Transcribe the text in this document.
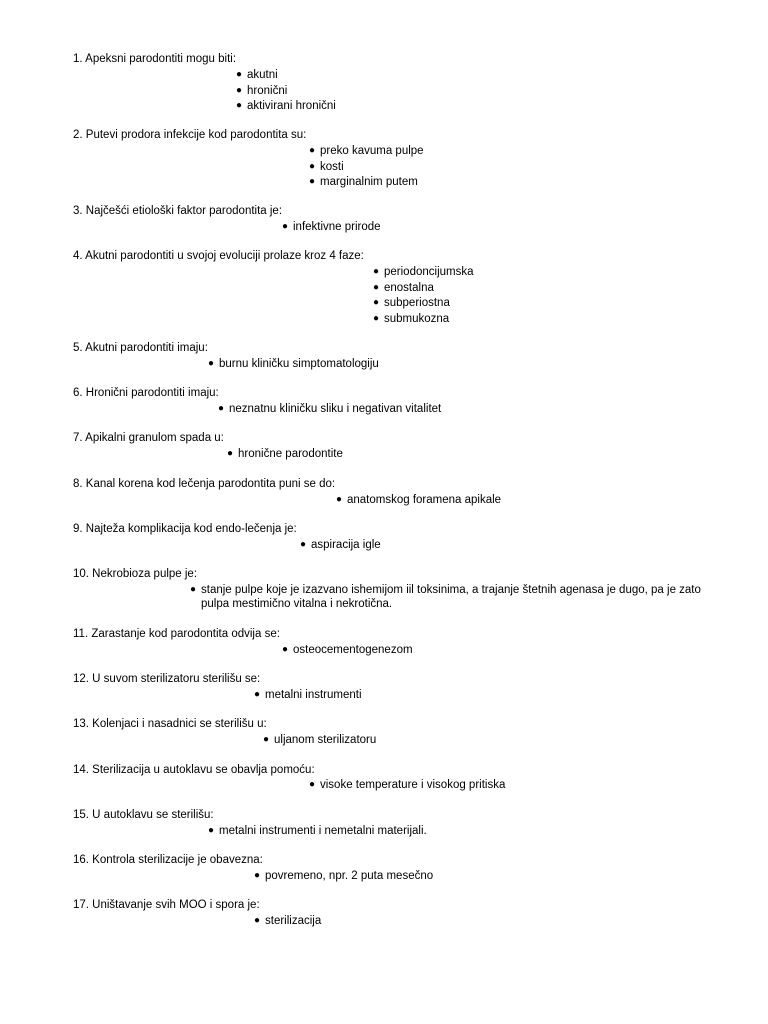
1. Apeksni parodontiti mogu biti:
● akutni
● hronični
● aktivirani hronični
2. Putevi prodora infekcije kod parodontita su:
● preko kavuma pulpe
● kosti
● marginalnim putem
3. Najčešći etiološki faktor parodontita je:
● infektivne prirode
4. Akutni parodontiti u svojoj evoluciji prolaze kroz 4 faze:
● periodoncijumska
● enostalna
● subperiostna
● submukozna
5. Akutni parodontiti imaju:
● burnu kliničku simptomatologiju
6. Hronični parodontiti imaju:
● neznatnu kliničku sliku i negativan vitalitet
7. Apikalni granulom spada u:
● hronične parodontite
8. Kanal korena kod lečenja parodontita puni se do:
● anatomskog foramena apikale
9. Najteža komplikacija kod endo-lečenja je:
● aspiracija igle
10. Nekrobioza pulpe je:
● stanje pulpe koje je izazvano ishemijom iil toksinima, a trajanje štetnih agenasa je dugo, pa je zato pulpa mestimično vitalna i nekrotična.
11. Zarastanje kod parodontita odvija se:
● osteocementogenezom
12. U suvom sterilizatoru sterilišu se:
● metalni instrumenti
13. Kolenjaci i nasadnici se sterilišu u:
● uljanom sterilizatoru
14. Sterilizacija u autoklavu se obavlja pomoću:
● visoke temperature i visokog pritiska
15. U autoklavu se sterilišu:
● metalni instrumenti i nemetalni materijali.
16. Kontrola sterilizacije je obavezna:
● povremeno, npr. 2 puta mesečno
17. Uništavanje svih MOO i spora je:
● sterilizacija
